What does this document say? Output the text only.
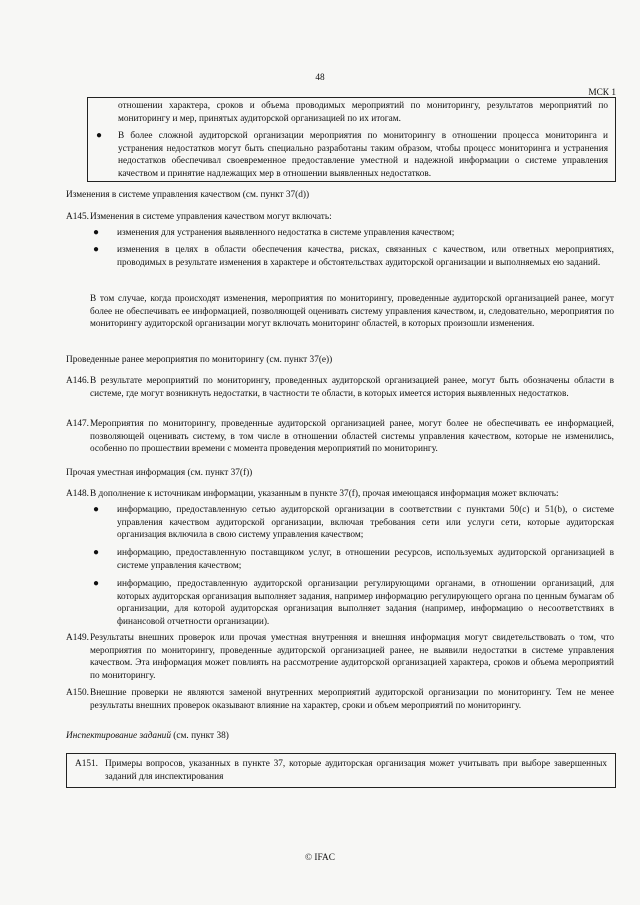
48
МСК 1

отношении характера, сроков и объема проводимых мероприятий по мониторингу, результатов мероприятий по мониторингу и мер, принятых аудиторской организацией по их итогам.

● В более сложной аудиторской организации мероприятия по мониторингу в отношении процесса мониторинга и устранения недостатков могут быть специально разработаны таким образом, чтобы процесс мониторинга и устранения недостатков обеспечивал своевременное предоставление уместной и надежной информации о системе управления качеством и принятие надлежащих мер в отношении выявленных недостатков.

Изменения в системе управления качеством (см. пункт 37(d))

А145. Изменения в системе управления качеством могут включать:

● изменения для устранения выявленного недостатка в системе управления качеством;

● изменения в целях в области обеспечения качества, рисках, связанных с качеством, или ответных мероприятиях, проводимых в результате изменения в характере и обстоятельствах аудиторской организации и выполняемых ею заданий.

В том случае, когда происходят изменения, мероприятия по мониторингу, проведенные аудиторской организацией ранее, могут более не обеспечивать ее информацией, позволяющей оценивать систему управления качеством, и, следовательно, мероприятия по мониторингу аудиторской организации могут включать мониторинг областей, в которых произошли изменения.

Проведенные ранее мероприятия по мониторингу (см. пункт 37(e))

А146. В результате мероприятий по мониторингу, проведенных аудиторской организацией ранее, могут быть обозначены области в системе, где могут возникнуть недостатки, в частности те области, в которых имеется история выявленных недостатков.

А147. Мероприятия по мониторингу, проведенные аудиторской организацией ранее, могут более не обеспечивать ее информацией, позволяющей оценивать систему, в том числе в отношении областей системы управления качеством, которые не изменились, особенно по прошествии времени с момента проведения мероприятий по мониторингу.

Прочая уместная информация (см. пункт 37(f))

А148. В дополнение к источникам информации, указанным в пункте 37(f), прочая имеющаяся информация может включать:

● информацию, предоставленную сетью аудиторской организации в соответствии с пунктами 50(с) и 51(b), о системе управления качеством аудиторской организации, включая требования сети или услуги сети, которые аудиторская организация включила в свою систему управления качеством;

● информацию, предоставленную поставщиком услуг, в отношении ресурсов, используемых аудиторской организацией в системе управления качеством;

● информацию, предоставленную аудиторской организации регулирующими органами, в отношении организаций, для которых аудиторская организация выполняет задания, например информацию регулирующего органа по ценным бумагам об организации, для которой аудиторская организация выполняет задания (например, информацию о несоответствиях в финансовой отчетности организации).

А149. Результаты внешних проверок или прочая уместная внутренняя и внешняя информация могут свидетельствовать о том, что мероприятия по мониторингу, проведенные аудиторской организацией ранее, не выявили недостатки в системе управления качеством. Эта информация может повлиять на рассмотрение аудиторской организацией характера, сроков и объема мероприятий по мониторингу.

А150. Внешние проверки не являются заменой внутренних мероприятий аудиторской организации по мониторингу. Тем не менее результаты внешних проверок оказывают влияние на характер, сроки и объем мероприятий по мониторингу.

Инспектирование заданий (см. пункт 38)

А151. Примеры вопросов, указанных в пункте 37, которые аудиторская организация может учитывать при выборе завершенных заданий для инспектирования

© IFAC
